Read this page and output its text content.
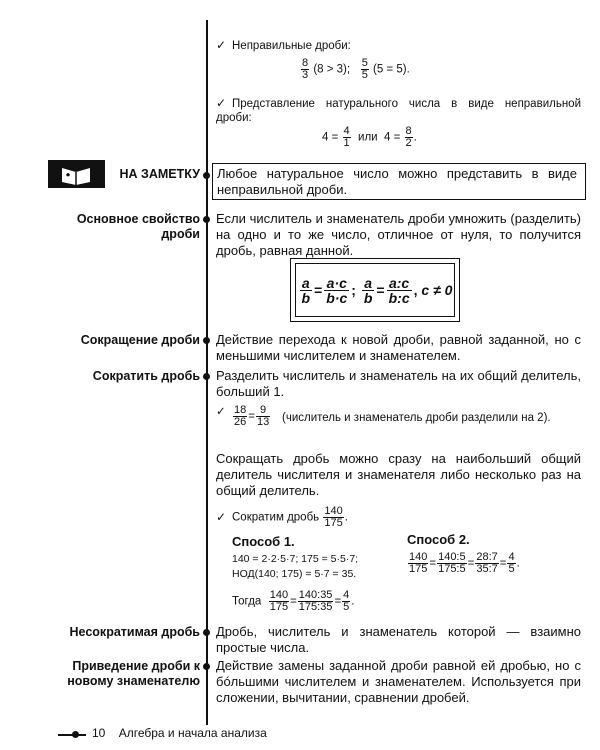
✓ Неправильные дроби:
$\frac{8}{3} (8 > 3)$; $\frac{5}{5} (5 = 5)$.
✓ Представление натурального числа в виде неправильной дроби:
$4 = \frac{4}{1}$ или $4 = \frac{8}{2}$ .
НА ЗАМЕТКУ Любое натуральное число можно представить в виде неправильной дроби.
Основное свойство дроби
Если числитель и знаменатель дроби умножить (разделить) на одно и то же число, отличное от нуля, то получится дробь, равная данной.
a
b = a·c
b·c ; a
b = a:c
b:c , c ≠ 0
Сокращение дроби Действие перехода к новой дроби, равной заданной, но с меньшими числителем и знаменателем.
Сократить дробь Разделить числитель и знаменатель на их общий делитель, больший 1.
✓ $\frac{18}{26} = \frac{9}{13}$ (числитель и знаменатель дроби разделили на 2).
Сокращать дробь можно сразу на наибольший общий делитель числителя и знаменателя либо несколько раз на общий делитель.
✓ Сократим дробь $\frac{140}{175}$ .
Способ 1.
140 = 2·2·5·7; 175 = 5·5·7;
НОД(140; 175) = 5·7 = 35.
Тогда $\frac{140}{175} = \frac{140:35}{175:35} = \frac{4}{5}$ .
Способ 2.
$\frac{140}{175} = \frac{140:5}{175:5} = \frac{28:7}{35:7} = \frac{4}{5}$ .
Несократимая дробь Дробь, числитель и знаменатель которой — взаимно простые числа.
Приведение дроби к новому знаменателю
Действие замены заданной дроби равной ей дробью, но с бóльшими числителем и знаменателем. Используется при сложении, вычитании, сравнении дробей.
10 Алгебра и начала анализа
